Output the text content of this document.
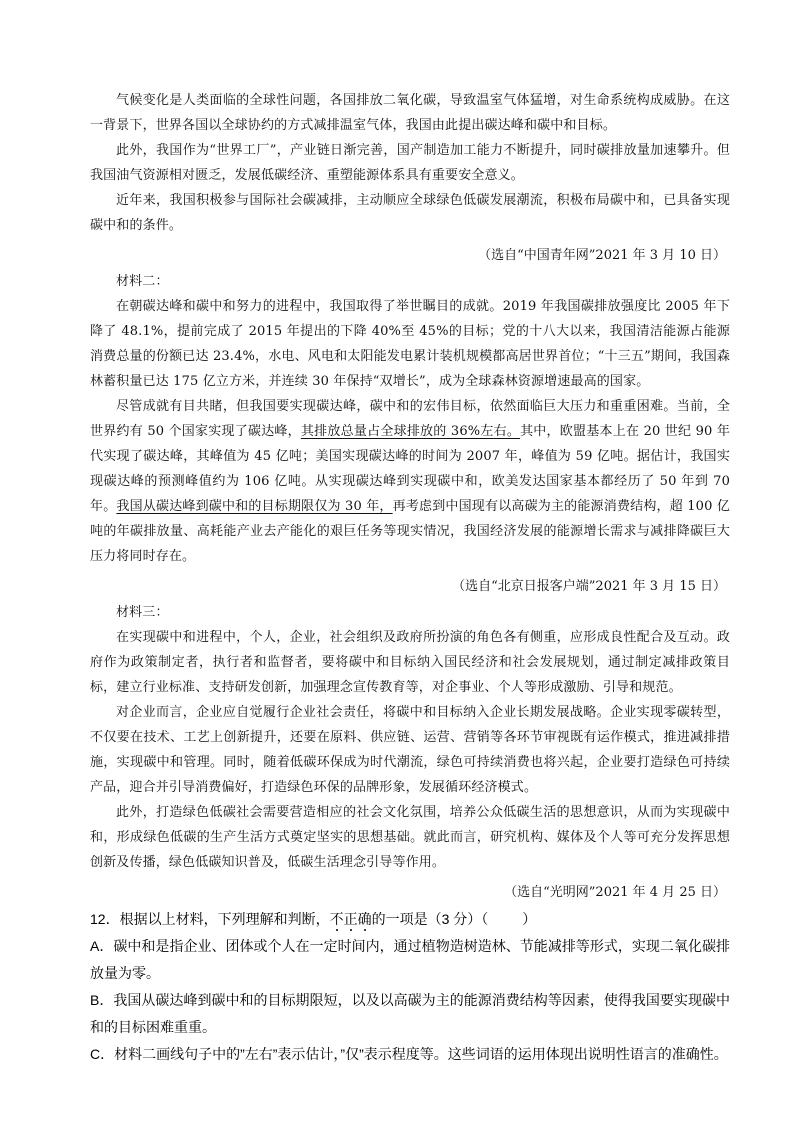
气候变化是人类面临的全球性问题，各国排放二氧化碳，导致温室气体猛增，对生命系统构成威胁。在这一背景下，世界各国以全球协约的方式减排温室气体，我国由此提出碳达峰和碳中和目标。

此外，我国作为“世界工厂”，产业链日渐完善，国产制造加工能力不断提升，同时碳排放量加速攀升。但我国油气资源相对匮乏，发展低碳经济、重塑能源体系具有重要安全意义。

近年来，我国积极参与国际社会碳减排，主动顺应全球绿色低碳发展潮流，积极布局碳中和，已具备实现碳中和的条件。

（选自“中国青年网”2021 年 3 月 10 日）

材料二：

在朝碳达峰和碳中和努力的进程中，我国取得了举世瞩目的成就。2019 年我国碳排放强度比 2005 年下降了 48.1%，提前完成了 2015 年提出的下降 40%至 45%的目标；党的十八大以来，我国清洁能源占能源消费总量的份额已达 23.4%，水电、风电和太阳能发电累计装机规模都高居世界首位；“十三五”期间，我国森林蓄积量已达 175 亿立方米，并连续 30 年保持“双增长”，成为全球森林资源增速最高的国家。

尽管成就有目共睹，但我国要实现碳达峰，碳中和的宏伟目标，依然面临巨大压力和重重困难。当前，全世界约有 50 个国家实现了碳达峰，其排放总量占全球排放的 36%左右。其中，欧盟基本上在 20 世纪 90 年代实现了碳达峰，其峰值为 45 亿吨；美国实现碳达峰的时间为 2007 年，峰值为 59 亿吨。据估计，我国实现碳达峰的预测峰值约为 106 亿吨。从实现碳达峰到实现碳中和，欧美发达国家基本都经历了 50 年到 70 年。我国从碳达峰到碳中和的目标期限仅为 30 年，再考虑到中国现有以高碳为主的能源消费结构，超 100 亿吨的年碳排放量、高耗能产业去产能化的艰巨任务等现实情况，我国经济发展的能源增长需求与减排降碳巨大压力将同时存在。

（选自“北京日报客户端”2021 年 3 月 15 日）

材料三：

在实现碳中和进程中，个人，企业，社会组织及政府所扮演的角色各有侧重，应形成良性配合及互动。政府作为政策制定者，执行者和监督者，要将碳中和目标纳入国民经济和社会发展规划，通过制定减排政策目标，建立行业标准、支持研发创新，加强理念宣传教育等，对企事业、个人等形成激励、引导和规范。

对企业而言，企业应自觉履行企业社会责任，将碳中和目标纳入企业长期发展战略。企业实现零碳转型，不仅要在技术、工艺上创新提升，还要在原料、供应链、运营、营销等各环节审视既有运作模式，推进减排措施，实现碳中和管理。同时，随着低碳环保成为时代潮流，绿色可持续消费也将兴起，企业要打造绿色可持续产品，迎合并引导消费偏好，打造绿色环保的品牌形象，发展循环经济模式。

此外，打造绿色低碳社会需要营造相应的社会文化氛围，培养公众低碳生活的思想意识，从而为实现碳中和，形成绿色低碳的生产生活方式奠定坚实的思想基础。就此而言，研究机构、媒体及个人等可充分发挥思想创新及传播，绿色低碳知识普及，低碳生活理念引导等作用。

（选自“光明网”2021 年 4 月 25 日）

12．根据以上材料，下列理解和判断，不正确的一项是（3 分）（ ）

A．碳中和是指企业、团体或个人在一定时间内，通过植物造树造林、节能减排等形式，实现二氧化碳排放量为零。

B．我国从碳达峰到碳中和的目标期限短，以及以高碳为主的能源消费结构等因素，使得我国要实现碳中和的目标困难重重。

C．材料二画线句子中的”左右”表示估计，”仅”表示程度等。这些词语的运用体现出说明性语言的准确性。
